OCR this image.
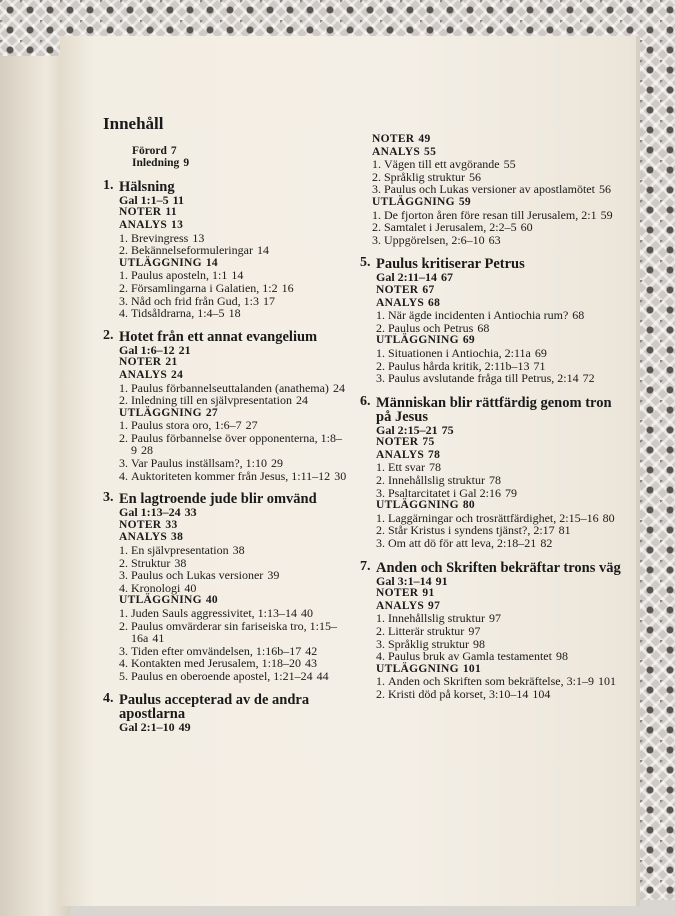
Innehåll
Förord 7
Inledning 9
1. Hälsning
Gal 1:1–5 11
NOTER 11
ANALYS 13
1. Brevingress 13
2. Bekännelseformuleringar 14
UTLÄGGNING 14
1. Paulus aposteln, 1:1 14
2. Församlingarna i Galatien, 1:2 16
3. Nåd och frid från Gud, 1:3 17
4. Tidsåldrarna, 1:4–5 18
2. Hotet från ett annat evangelium
Gal 1:6–12 21
NOTER 21
ANALYS 24
1. Paulus förbannelseuttalanden (anathema) 24
2. Inledning till en självpresentation 24
UTLÄGGNING 27
1. Paulus stora oro, 1:6–7 27
2. Paulus förbannelse över opponenterna, 1:8–9 28
3. Var Paulus inställsam?, 1:10 29
4. Auktoriteten kommer från Jesus, 1:11–12 30
3. En lagtroende jude blir omvänd
Gal 1:13–24 33
NOTER 33
ANALYS 38
1. En självpresentation 38
2. Struktur 38
3. Paulus och Lukas versioner 39
4. Kronologi 40
UTLÄGGNING 40
1. Juden Sauls aggressivitet, 1:13–14 40
2. Paulus omvärderar sin fariseiska tro, 1:15–16a 41
3. Tiden efter omvändelsen, 1:16b–17 42
4. Kontakten med Jerusalem, 1:18–20 43
5. Paulus en oberoende apostel, 1:21–24 44
4. Paulus accepterad av de andra apostlarna
Gal 2:1–10 49
NOTER 49
ANALYS 55
1. Vägen till ett avgörande 55
2. Språklig struktur 56
3. Paulus och Lukas versioner av apostlamötet 56
UTLÄGGNING 59
1. De fjorton åren före resan till Jerusalem, 2:1 59
2. Samtalet i Jerusalem, 2:2–5 60
3. Uppgörelsen, 2:6–10 63
5. Paulus kritiserar Petrus
Gal 2:11–14 67
NOTER 67
ANALYS 68
1. När ägde incidenten i Antiochia rum? 68
2. Paulus och Petrus 68
UTLÄGGNING 69
1. Situationen i Antiochia, 2:11a 69
2. Paulus hårda kritik, 2:11b–13 71
3. Paulus avslutande fråga till Petrus, 2:14 72
6. Människan blir rättfärdig genom tron på Jesus
Gal 2:15–21 75
NOTER 75
ANALYS 78
1. Ett svar 78
2. Innehållslig struktur 78
3. Psaltarcitatet i Gal 2:16 79
UTLÄGGNING 80
1. Laggärningar och trosrättfärdighet, 2:15–16 80
2. Står Kristus i syndens tjänst?, 2:17 81
3. Om att dö för att leva, 2:18–21 82
7. Anden och Skriften bekräftar trons väg
Gal 3:1–14 91
NOTER 91
ANALYS 97
1. Innehållslig struktur 97
2. Litterär struktur 97
3. Språklig struktur 98
4. Paulus bruk av Gamla testamentet 98
UTLÄGGNING 101
1. Anden och Skriften som bekräftelse, 3:1–9 101
2. Kristi död på korset, 3:10–14 104
